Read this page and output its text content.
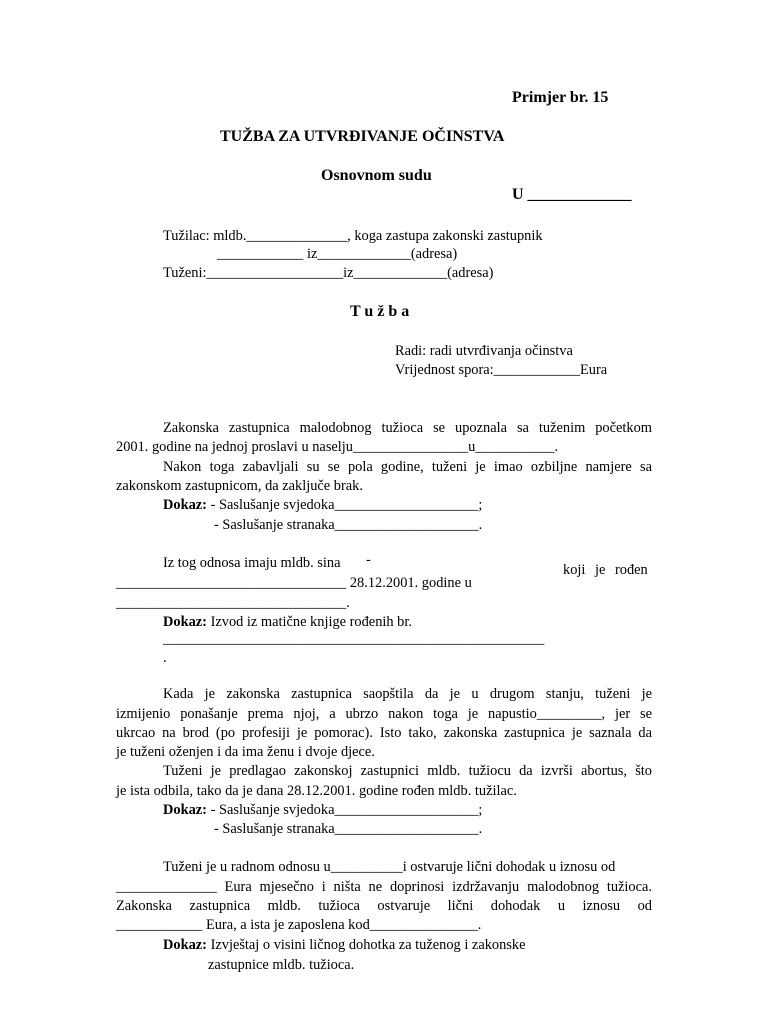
Primjer br. 15
TUŽBA ZA UTVRĐIVANJE OČINSTVA
Osnovnom sudu
U _____________
Tužilac: mldb.______________, koga zastupa zakonski zastupnik
____________ iz_____________(adresa)
Tuženi:___________________iz_____________(adresa)
T u ž b a
Radi: radi utvrđivanja očinstva
Vrijednost spora:____________Eura
Zakonska zastupnica malodobnog tužioca se upoznala sa tuženim početkom
2001. godine na jednoj proslavi u naselju________________u___________.
Nakon toga zabavljali su se pola godine, tuženi je imao ozbiljne namjere sa
zakonskom zastupnicom, da zaključe brak.
Dokaz: - Saslušanje svjedoka____________________;
- Saslušanje stranaka____________________.
Iz tog odnosa imaju mldb. sina -
koji je rođen
________________________________ 28.12.2001. godine u
________________________________.
Dokaz: Izvod iz matične knjige rođenih br.
_____________________________________________________
.
Kada je zakonska zastupnica saopštila da je u drugom stanju, tuženi je
izmijenio ponašanje prema njoj, a ubrzo nakon toga je napustio_________, jer se
ukrcao na brod (po profesiji je pomorac). Isto tako, zakonska zastupnica je saznala da
je tuženi oženjen i da ima ženu i dvoje djece.
Tuženi je predlagao zakonskoj zastupnici mldb. tužiocu da izvrši abortus, što
je ista odbila, tako da je dana 28.12.2001. godine rođen mldb. tužilac.
Dokaz: - Saslušanje svjedoka____________________;
- Saslušanje stranaka____________________.
Tuženi je u radnom odnosu u__________i ostvaruje lični dohodak u iznosu od
______________ Eura mjesečno i ništa ne doprinosi izdržavanju malodobnog tužioca.
Zakonska zastupnica mldb. tužioca ostvaruje lični dohodak u iznosu od
____________ Eura, a ista je zaposlena kod_______________.
Dokaz: Izvještaj o visini ličnog dohotka za tuženog i zakonske
zastupnice mldb. tužioca.
